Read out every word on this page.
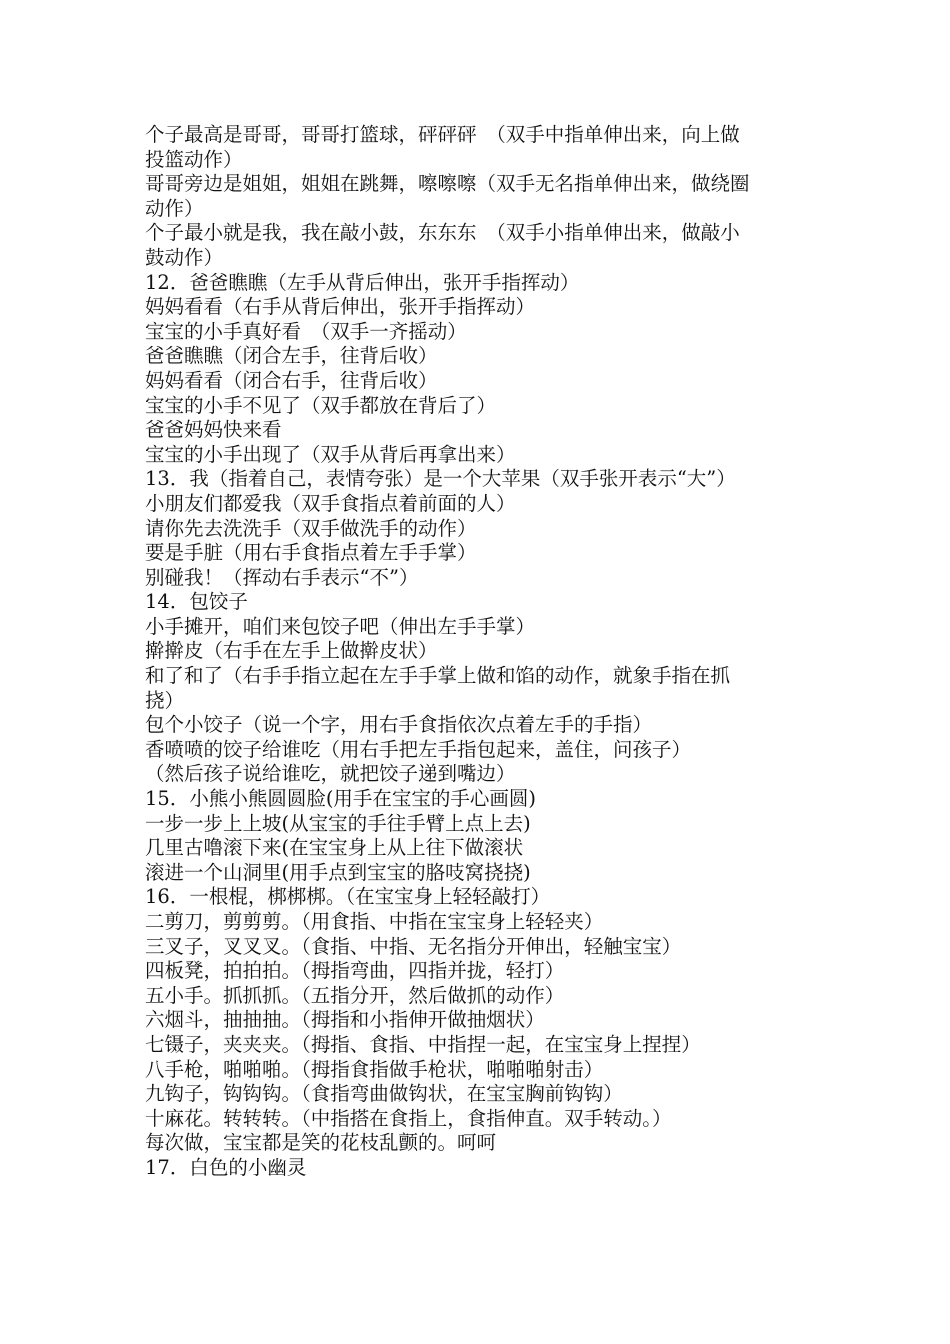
个子最高是哥哥，哥哥打篮球，砰砰砰　（双手中指单伸出来，向上做
投篮动作）
哥哥旁边是姐姐，姐姐在跳舞，嚓嚓嚓（双手无名指单伸出来，做绕圈
动作）
个子最小就是我，我在敲小鼓，东东东　（双手小指单伸出来，做敲小
鼓动作）
12．爸爸瞧瞧（左手从背后伸出，张开手指挥动）
妈妈看看（右手从背后伸出，张开手指挥动）
宝宝的小手真好看　（双手一齐摇动）
爸爸瞧瞧（闭合左手，往背后收）
妈妈看看（闭合右手，往背后收）
宝宝的小手不见了（双手都放在背后了）
爸爸妈妈快来看
宝宝的小手出现了（双手从背后再拿出来）
13．我（指着自己，表情夸张）是一个大苹果（双手张开表示“大”）
小朋友们都爱我（双手食指点着前面的人）
请你先去洗洗手（双手做洗手的动作）
要是手脏（用右手食指点着左手手掌）
别碰我！（挥动右手表示“不”）
14．包饺子
小手摊开，咱们来包饺子吧（伸出左手手掌）
擀擀皮（右手在左手上做擀皮状）
和了和了（右手手指立起在左手手掌上做和馅的动作，就象手指在抓
挠）
包个小饺子（说一个字，用右手食指依次点着左手的手指）
香喷喷的饺子给谁吃（用右手把左手指包起来，盖住，问孩子）
（然后孩子说给谁吃，就把饺子递到嘴边）
15．小熊小熊圆圆脸(用手在宝宝的手心画圆)
一步一步上上坡(从宝宝的手往手臂上点上去)
几里古噜滚下来(在宝宝身上从上往下做滚状
滚进一个山洞里(用手点到宝宝的胳吱窝挠挠)
16．一根棍，梆梆梆。（在宝宝身上轻轻敲打）
二剪刀，剪剪剪。（用食指、中指在宝宝身上轻轻夹）
三叉子，叉叉叉。（食指、中指、无名指分开伸出，轻触宝宝）
四板凳，拍拍拍。（拇指弯曲，四指并拢，轻打）
五小手。抓抓抓。（五指分开，然后做抓的动作）
六烟斗，抽抽抽。（拇指和小指伸开做抽烟状）
七镊子，夹夹夹。（拇指、食指、中指捏一起，在宝宝身上捏捏）
八手枪，啪啪啪。（拇指食指做手枪状，啪啪啪射击）
九钩子，钩钩钩。（食指弯曲做钩状，在宝宝胸前钩钩）
十麻花。转转转。（中指搭在食指上，食指伸直。双手转动。）
每次做，宝宝都是笑的花枝乱颤的。呵呵
17．白色的小幽灵
